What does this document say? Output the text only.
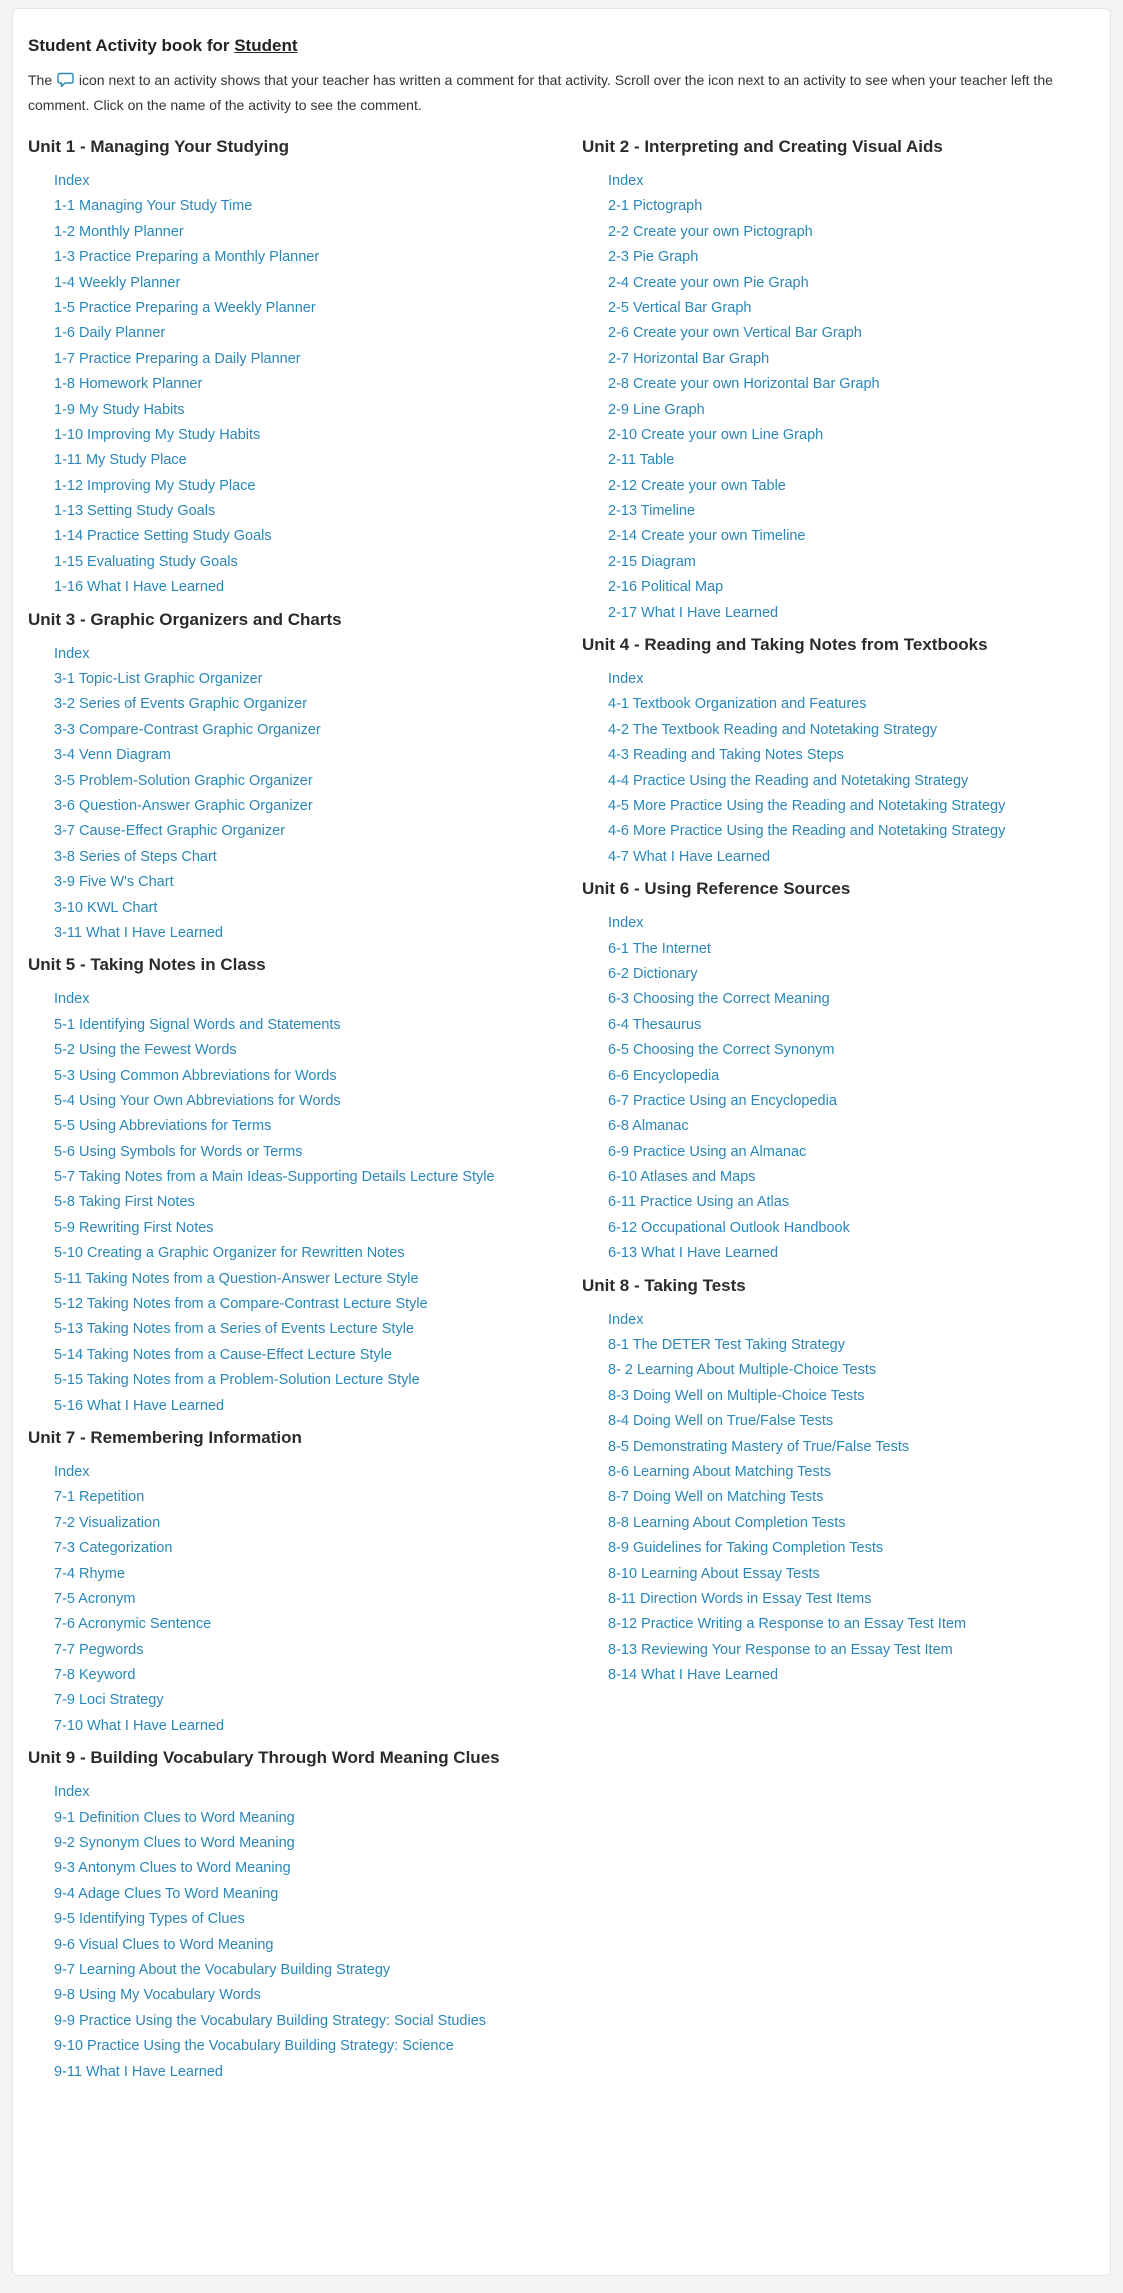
Student Activity book for Student

The  icon next to an activity shows that your teacher has written a comment for that activity. Scroll over the icon next to an activity to see when your teacher left the comment. Click on the name of the activity to see the comment.

Unit 1 - Managing Your Studying
Index
1-1 Managing Your Study Time
1-2 Monthly Planner
1-3 Practice Preparing a Monthly Planner
1-4 Weekly Planner
1-5 Practice Preparing a Weekly Planner
1-6 Daily Planner
1-7 Practice Preparing a Daily Planner
1-8 Homework Planner
1-9 My Study Habits
1-10 Improving My Study Habits
1-11 My Study Place
1-12 Improving My Study Place
1-13 Setting Study Goals
1-14 Practice Setting Study Goals
1-15 Evaluating Study Goals
1-16 What I Have Learned
Unit 3 - Graphic Organizers and Charts
Index
3-1 Topic-List Graphic Organizer
3-2 Series of Events Graphic Organizer
3-3 Compare-Contrast Graphic Organizer
3-4 Venn Diagram
3-5 Problem-Solution Graphic Organizer
3-6 Question-Answer Graphic Organizer
3-7 Cause-Effect Graphic Organizer
3-8 Series of Steps Chart
3-9 Five W's Chart
3-10 KWL Chart
3-11 What I Have Learned
Unit 5 - Taking Notes in Class
Index
5-1 Identifying Signal Words and Statements
5-2 Using the Fewest Words
5-3 Using Common Abbreviations for Words
5-4 Using Your Own Abbreviations for Words
5-5 Using Abbreviations for Terms
5-6 Using Symbols for Words or Terms
5-7 Taking Notes from a Main Ideas-Supporting Details Lecture Style
5-8 Taking First Notes
5-9 Rewriting First Notes
5-10 Creating a Graphic Organizer for Rewritten Notes
5-11 Taking Notes from a Question-Answer Lecture Style
5-12 Taking Notes from a Compare-Contrast Lecture Style
5-13 Taking Notes from a Series of Events Lecture Style
5-14 Taking Notes from a Cause-Effect Lecture Style
5-15 Taking Notes from a Problem-Solution Lecture Style
5-16 What I Have Learned
Unit 7 - Remembering Information
Index
7-1 Repetition
7-2 Visualization
7-3 Categorization
7-4 Rhyme
7-5 Acronym
7-6 Acronymic Sentence
7-7 Pegwords
7-8 Keyword
7-9 Loci Strategy
7-10 What I Have Learned
Unit 9 - Building Vocabulary Through Word Meaning Clues
Index
9-1 Definition Clues to Word Meaning
9-2 Synonym Clues to Word Meaning
9-3 Antonym Clues to Word Meaning
9-4 Adage Clues To Word Meaning
9-5 Identifying Types of Clues
9-6 Visual Clues to Word Meaning
9-7 Learning About the Vocabulary Building Strategy
9-8 Using My Vocabulary Words
9-9 Practice Using the Vocabulary Building Strategy: Social Studies
9-10 Practice Using the Vocabulary Building Strategy: Science
9-11 What I Have Learned
Unit 2 - Interpreting and Creating Visual Aids
Index
2-1 Pictograph
2-2 Create your own Pictograph
2-3 Pie Graph
2-4 Create your own Pie Graph
2-5 Vertical Bar Graph
2-6 Create your own Vertical Bar Graph
2-7 Horizontal Bar Graph
2-8 Create your own Horizontal Bar Graph
2-9 Line Graph
2-10 Create your own Line Graph
2-11 Table
2-12 Create your own Table
2-13 Timeline
2-14 Create your own Timeline
2-15 Diagram
2-16 Political Map
2-17 What I Have Learned
Unit 4 - Reading and Taking Notes from Textbooks
Index
4-1 Textbook Organization and Features
4-2 The Textbook Reading and Notetaking Strategy
4-3 Reading and Taking Notes Steps
4-4 Practice Using the Reading and Notetaking Strategy
4-5 More Practice Using the Reading and Notetaking Strategy
4-6 More Practice Using the Reading and Notetaking Strategy
4-7 What I Have Learned
Unit 6 - Using Reference Sources
Index
6-1 The Internet
6-2 Dictionary
6-3 Choosing the Correct Meaning
6-4 Thesaurus
6-5 Choosing the Correct Synonym
6-6 Encyclopedia
6-7 Practice Using an Encyclopedia
6-8 Almanac
6-9 Practice Using an Almanac
6-10 Atlases and Maps
6-11 Practice Using an Atlas
6-12 Occupational Outlook Handbook
6-13 What I Have Learned
Unit 8 - Taking Tests
Index
8-1 The DETER Test Taking Strategy
8- 2 Learning About Multiple-Choice Tests
8-3 Doing Well on Multiple-Choice Tests
8-4 Doing Well on True/False Tests
8-5 Demonstrating Mastery of True/False Tests
8-6 Learning About Matching Tests
8-7 Doing Well on Matching Tests
8-8 Learning About Completion Tests
8-9 Guidelines for Taking Completion Tests
8-10 Learning About Essay Tests
8-11 Direction Words in Essay Test Items
8-12 Practice Writing a Response to an Essay Test Item
8-13 Reviewing Your Response to an Essay Test Item
8-14 What I Have Learned
